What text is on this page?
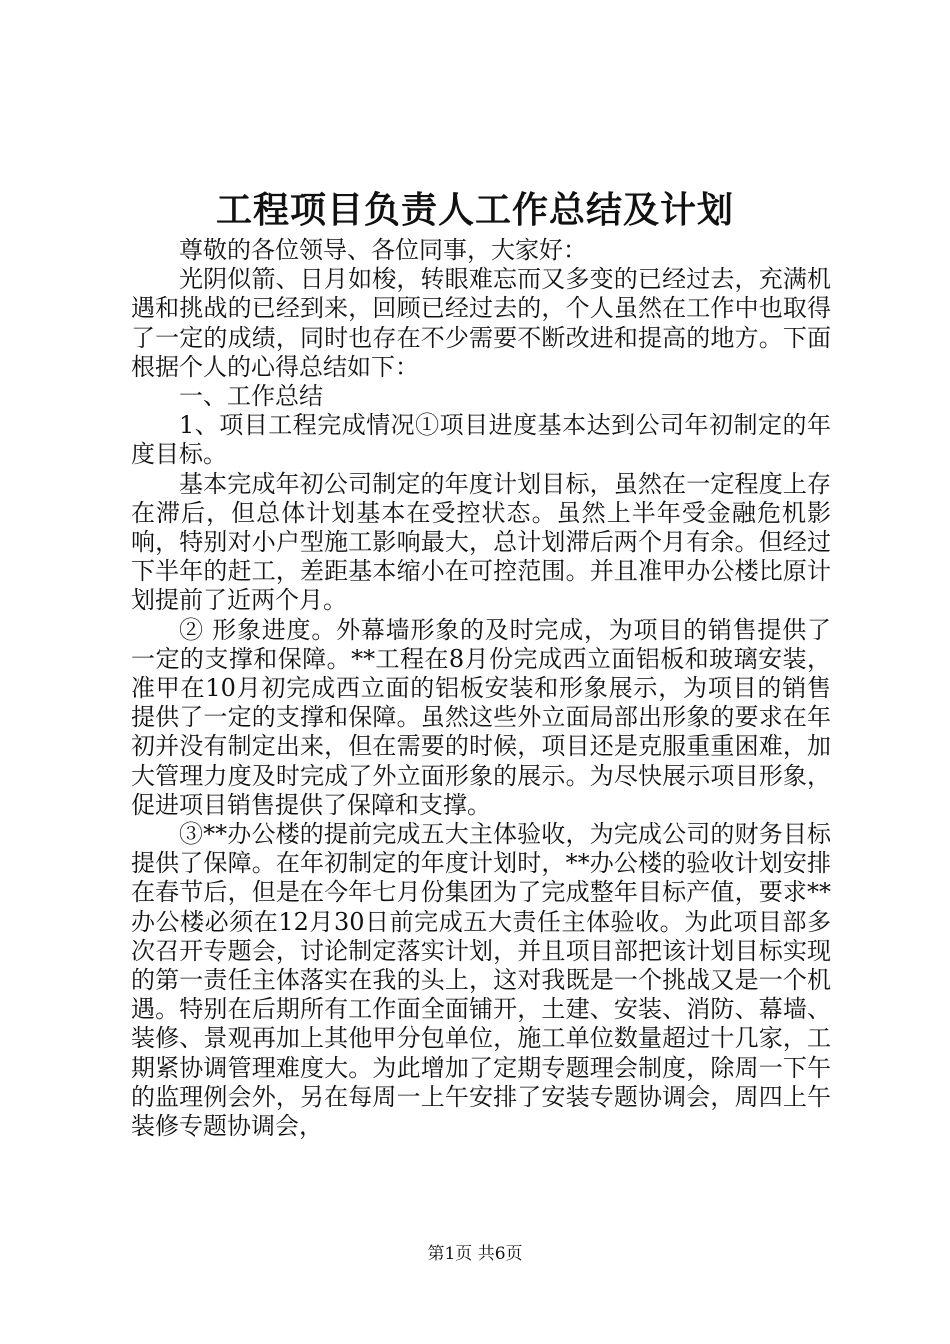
工程项目负责人工作总结及计划

尊敬的各位领导、各位同事，大家好：

光阴似箭、日月如梭，转眼难忘而又多变的已经过去，充满机遇和挑战的已经到来，回顾已经过去的，个人虽然在工作中也取得了一定的成绩，同时也存在不少需要不断改进和提高的地方。下面根据个人的心得总结如下：

一、工作总结

1、项目工程完成情况①项目进度基本达到公司年初制定的年度目标。

基本完成年初公司制定的年度计划目标，虽然在一定程度上存在滞后，但总体计划基本在受控状态。虽然上半年受金融危机影响，特别对小户型施工影响最大，总计划滞后两个月有余。但经过下半年的赶工，差距基本缩小在可控范围。并且准甲办公楼比原计划提前了近两个月。

② 形象进度。外幕墙形象的及时完成，为项目的销售提供了一定的支撑和保障。**工程在8月份完成西立面铝板和玻璃安装，准甲在10月初完成西立面的铝板安装和形象展示，为项目的销售提供了一定的支撑和保障。虽然这些外立面局部出形象的要求在年初并没有制定出来，但在需要的时候，项目还是克服重重困难，加大管理力度及时完成了外立面形象的展示。为尽快展示项目形象，促进项目销售提供了保障和支撑。

③**办公楼的提前完成五大主体验收，为完成公司的财务目标提供了保障。在年初制定的年度计划时，**办公楼的验收计划安排在春节后，但是在今年七月份集团为了完成整年目标产值，要求**办公楼必须在12月30日前完成五大责任主体验收。为此项目部多次召开专题会，讨论制定落实计划，并且项目部把该计划目标实现的第一责任主体落实在我的头上，这对我既是一个挑战又是一个机遇。特别在后期所有工作面全面铺开，土建、安装、消防、幕墙、装修、景观再加上其他甲分包单位，施工单位数量超过十几家，工期紧协调管理难度大。为此增加了定期专题理会制度，除周一下午的监理例会外，另在每周一上午安排了安装专题协调会，周四上午装修专题协调会，

第1页 共6页
